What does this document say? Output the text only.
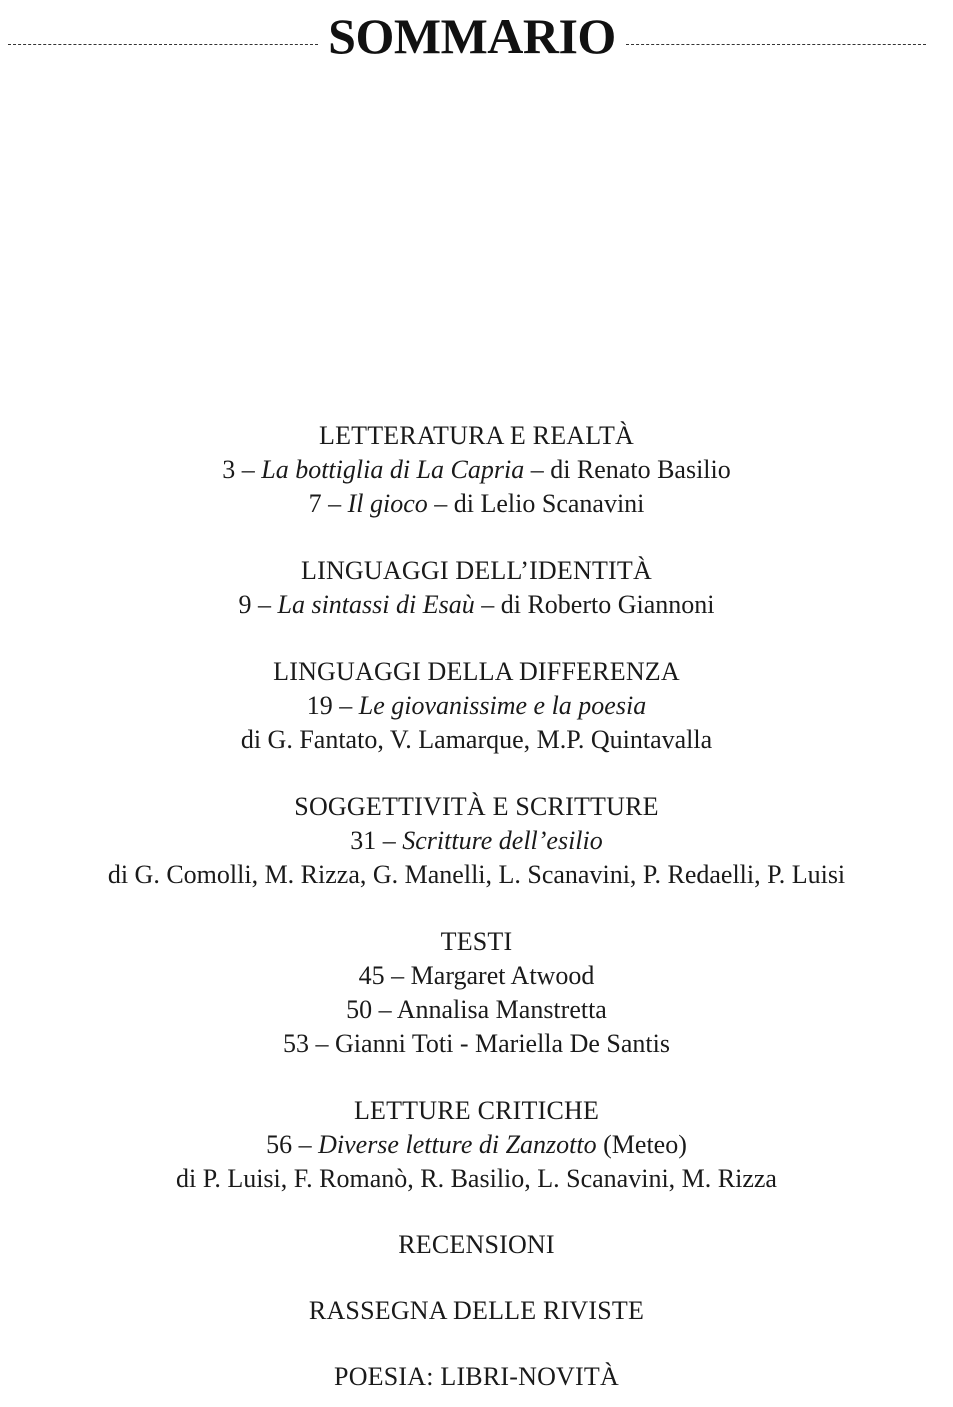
SOMMARIO
LETTERATURA E REALTÀ
3 – La bottiglia di La Capria – di Renato Basilio
7 – Il gioco – di Lelio Scanavini
LINGUAGGI DELL’IDENTITÀ
9 – La sintassi di Esaù – di Roberto Giannoni
LINGUAGGI DELLA DIFFERENZA
19 – Le giovanissime e la poesia
di G. Fantato, V. Lamarque, M.P. Quintavalla
SOGGETTIVITÀ E SCRITTURE
31 – Scritture dell’esilio
di G. Comolli, M. Rizza, G. Manelli, L. Scanavini, P. Redaelli, P. Luisi
TESTI
45 – Margaret Atwood
50 – Annalisa Manstretta
53 – Gianni Toti - Mariella De Santis
LETTURE CRITICHE
56 – Diverse letture di Zanzotto (Meteo)
di P. Luisi, F. Romanò, R. Basilio, L. Scanavini, M. Rizza
RECENSIONI
RASSEGNA DELLE RIVISTE
POESIA: LIBRI-NOVITÀ
